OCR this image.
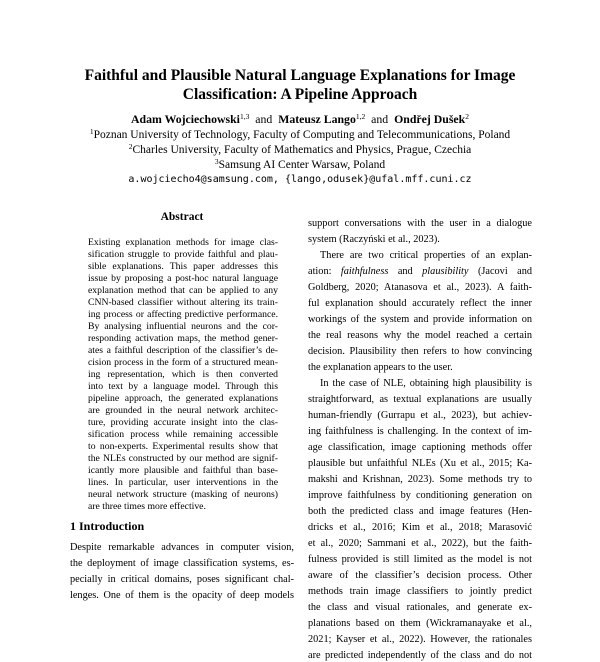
Faithful and Plausible Natural Language Explanations for Image
Classification: A Pipeline Approach
Adam Wojciechowski$^{1,3}$ and Mateusz Lango$^{1,2}$ and Ondřej Dušek$^2$
$^1$Poznan University of Technology, Faculty of Computing and Telecommunications, Poland
$^2$Charles University, Faculty of Mathematics and Physics, Prague, Czechia
$^3$Samsung AI Center Warsaw, Poland
a.wojciecho4@samsung.com, {lango,odusek}@ufal.mff.cuni.cz
Abstract
Existing explanation methods for image clas-
sification struggle to provide faithful and plau-
sible explanations. This paper addresses this
issue by proposing a post-hoc natural language
explanation method that can be applied to any
CNN-based classifier without altering its train-
ing process or affecting predictive performance.
By analysing influential neurons and the cor-
responding activation maps, the method gener-
ates a faithful description of the classifier’s de-
cision process in the form of a structured mean-
ing representation, which is then converted
into text by a language model. Through this
pipeline approach, the generated explanations
are grounded in the neural network architec-
ture, providing accurate insight into the clas-
sification process while remaining accessible
to non-experts. Experimental results show that
the NLEs constructed by our method are signif-
icantly more plausible and faithful than base-
lines. In particular, user interventions in the
neural network structure (masking of neurons)
are three times more effective.
1 Introduction
Despite remarkable advances in computer vision,
the deployment of image classification systems, es-
pecially in critical domains, poses significant chal-
lenges. One of them is the opacity of deep models
support conversations with the user in a dialogue
system (Raczyński et al., 2023).
There are two critical properties of an explan-
ation: faithfulness and plausibility (Jacovi and
Goldberg, 2020; Atanasova et al., 2023). A faith-
ful explanation should accurately reflect the inner
workings of the system and provide information on
the real reasons why the model reached a certain
decision. Plausibility then refers to how convincing
the explanation appears to the user.
In the case of NLE, obtaining high plausibility is
straightforward, as textual explanations are usually
human-friendly (Gurrapu et al., 2023), but achiev-
ing faithfulness is challenging. In the context of im-
age classification, image captioning methods offer
plausible but unfaithful NLEs (Xu et al., 2015; Ka-
makshi and Krishnan, 2023). Some methods try to
improve faithfulness by conditioning generation on
both the predicted class and image features (Hen-
dricks et al., 2016; Kim et al., 2018; Marasović
et al., 2020; Sammani et al., 2022), but the faith-
fulness provided is still limited as the model is not
aware of the classifier’s decision process. Other
methods train image classifiers to jointly predict
the class and visual rationales, and generate ex-
planations based on them (Wickramanayake et al.,
2021; Kayser et al., 2022). However, the rationales
are predicted independently of the class and do not
